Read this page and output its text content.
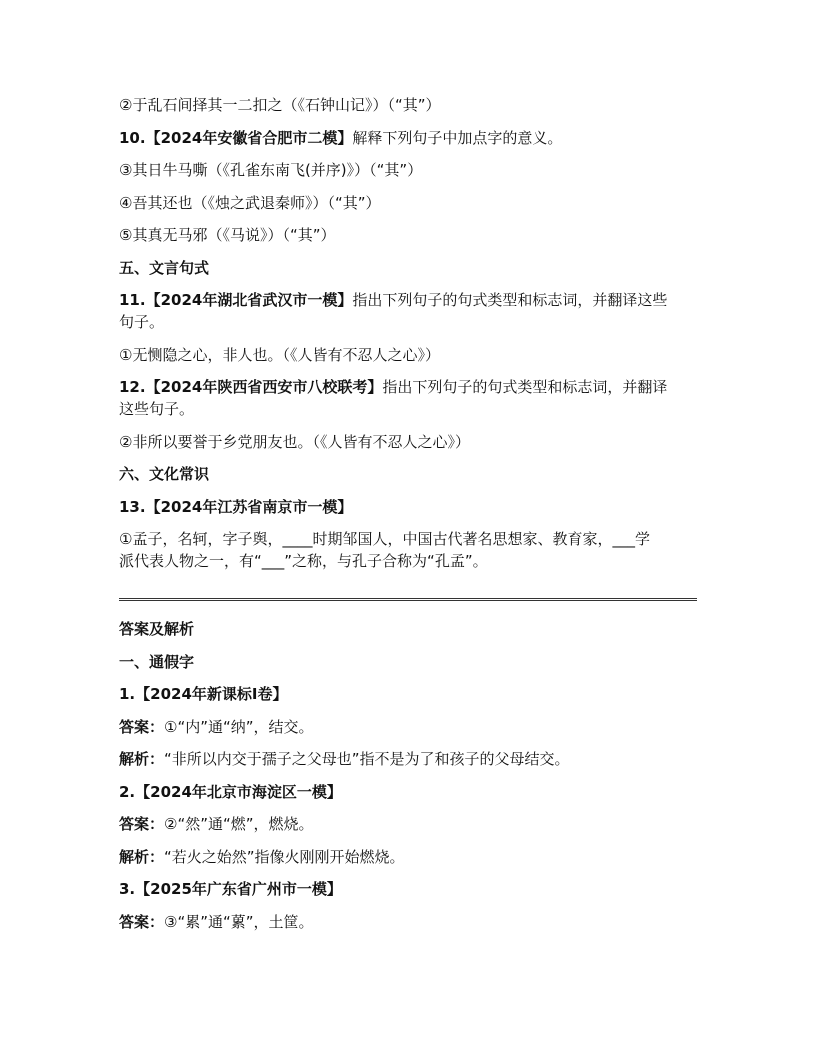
②于乱石间择其一二扣之（《石钟山记》）（“其”）

10.【2024年安徽省合肥市二模】解释下列句子中加点字的意义。

③其日牛马嘶（《孔雀东南飞(并序)》）（“其”）

④吾其还也（《烛之武退秦师》）（“其”）

⑤其真无马邪（《马说》）（“其”）

五、文言句式

11.【2024年湖北省武汉市一模】指出下列句子的句式类型和标志词，并翻译这些
句子。

①无恻隐之心，非人也。（《人皆有不忍人之心》）

12.【2024年陕西省西安市八校联考】指出下列句子的句式类型和标志词，并翻译
这些句子。

②非所以要誉于乡党朋友也。（《人皆有不忍人之心》）

六、文化常识

13.【2024年江苏省南京市一模】

①孟子，名轲，字子舆，____时期邹国人，中国古代著名思想家、教育家，___学
派代表人物之一，有“___”之称，与孔子合称为“孔孟”。

答案及解析

一、通假字

1.【2024年新课标Ⅰ卷】

答案：①“内”通“纳”，结交。

解析：“非所以内交于孺子之父母也”指不是为了和孩子的父母结交。

2.【2024年北京市海淀区一模】

答案：②“然”通“燃”，燃烧。

解析：“若火之始然”指像火刚刚开始燃烧。

3.【2025年广东省广州市一模】

答案：③“累”通“蔂”，土筐。
